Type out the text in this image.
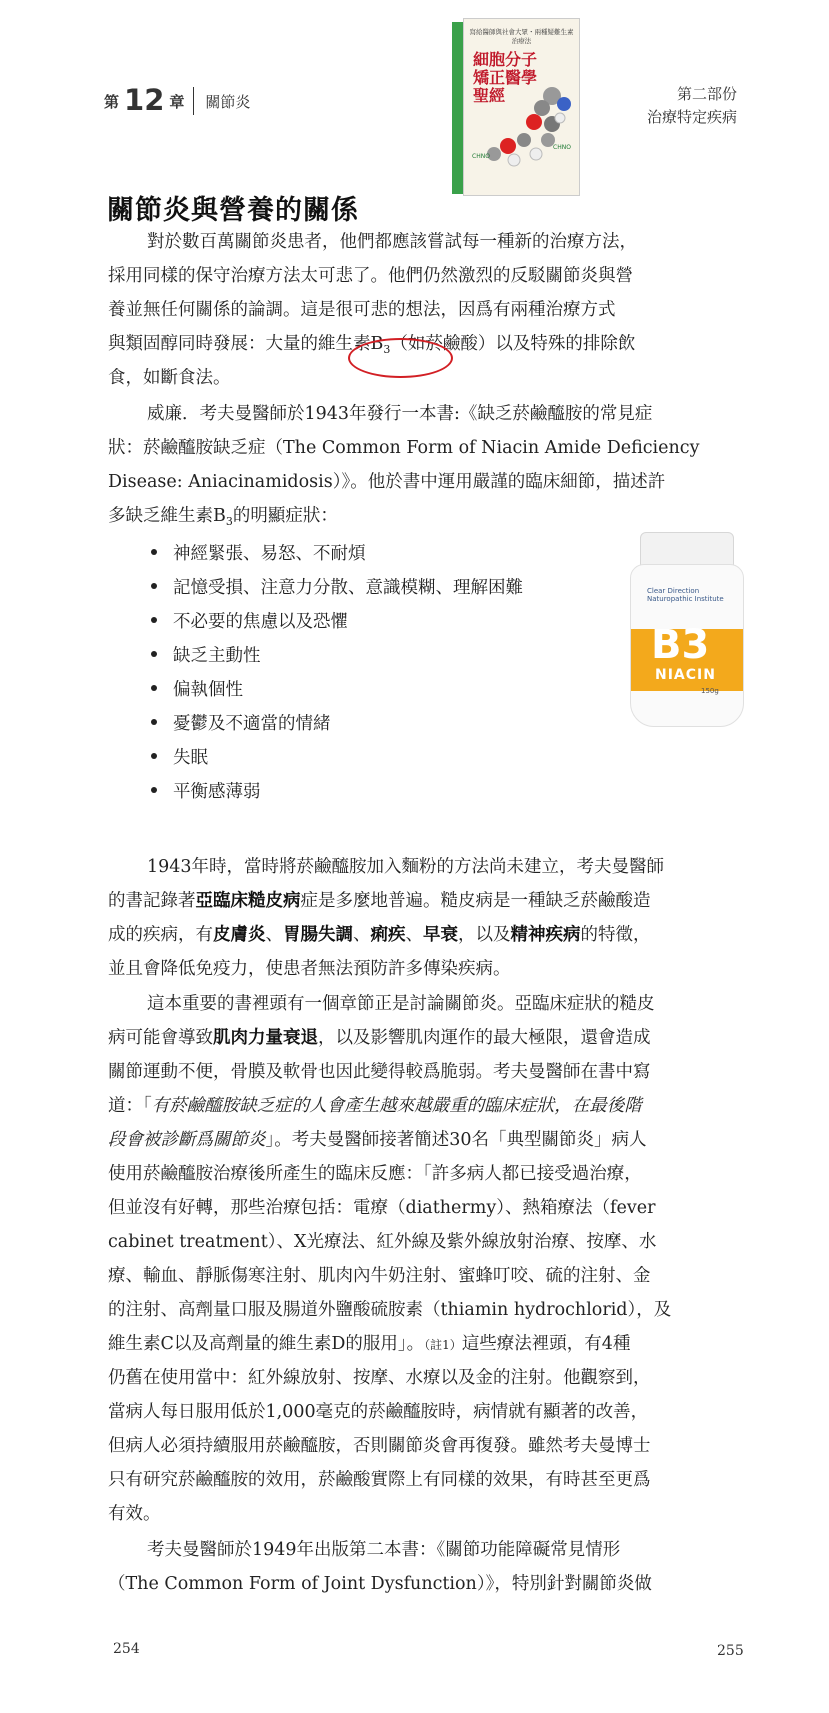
第 12 章 關節炎	第二部份
治療特定疾病
寫給醫師與社會大眾・兩種疑難生素治療法
細胞分子矯正醫學聖經
CHNO
CHNO
關節炎與營養的關係
對於數百萬關節炎患者，他們都應該嘗試每一種新的治療方法，
採用同樣的保守治療方法太可悲了。他們仍然激烈的反駁關節炎與營
養並無任何關係的論調。這是很可悲的想法，因爲有兩種治療方式
與類固醇同時發展：大量的維生素$B_3$（如菸鹼酸）以及特殊的排除飲
食，如斷食法。
威廉．考夫曼醫師於1943年發行一本書:《缺乏菸鹼醯胺的常見症
狀：菸鹼醯胺缺乏症（The Common Form of Niacin Amide Deficiency
Disease: Aniacinamidosis）》。他於書中運用嚴謹的臨床細節，描述許
多缺乏維生素$B_3$的明顯症狀：
神經緊張、易怒、不耐煩
記憶受損、注意力分散、意識模糊、理解困難
不必要的焦慮以及恐懼
缺乏主動性
偏執個性
憂鬱及不適當的情緒
失眠
平衡感薄弱
Clear Direction Naturopathic Institute
B3
NIACIN
150g
1943年時，當時將菸鹼醯胺加入麵粉的方法尚未建立，考夫曼醫師
的書記錄著亞臨床糙皮病症是多麼地普遍。糙皮病是一種缺乏菸鹼酸造
成的疾病，有皮膚炎、胃腸失調、痢疾、早衰，以及精神疾病的特徵，
並且會降低免疫力，使患者無法預防許多傳染疾病。
這本重要的書裡頭有一個章節正是討論關節炎。亞臨床症狀的糙皮
病可能會導致肌肉力量衰退，以及影響肌肉運作的最大極限，還會造成
關節運動不便，骨膜及軟骨也因此變得較爲脆弱。考夫曼醫師在書中寫
道：「有菸鹼醯胺缺乏症的人會產生越來越嚴重的臨床症狀，在最後階
段會被診斷爲關節炎」。考夫曼醫師接著簡述30名「典型關節炎」病人
使用菸鹼醯胺治療後所產生的臨床反應：「許多病人都已接受過治療，
但並沒有好轉，那些治療包括：電療（diathermy）、熱箱療法（fever
cabinet treatment）、X光療法、紅外線及紫外線放射治療、按摩、水
療、輸血、靜脈傷寒注射、肌肉內牛奶注射、蜜蜂叮咬、硫的注射、金
的注射、高劑量口服及腸道外鹽酸硫胺素（thiamin hydrochlorid），及
維生素C以及高劑量的維生素D的服用」。（註1）這些療法裡頭，有4種
仍舊在使用當中：紅外線放射、按摩、水療以及金的注射。他觀察到，
當病人每日服用低於1,000毫克的菸鹼醯胺時，病情就有顯著的改善，
但病人必須持續服用菸鹼醯胺，否則關節炎會再復發。雖然考夫曼博士
只有研究菸鹼醯胺的效用，菸鹼酸實際上有同樣的效果，有時甚至更爲
有效。
考夫曼醫師於1949年出版第二本書：《關節功能障礙常見情形
（The Common Form of Joint Dysfunction）》，特別針對關節炎做
254	255
